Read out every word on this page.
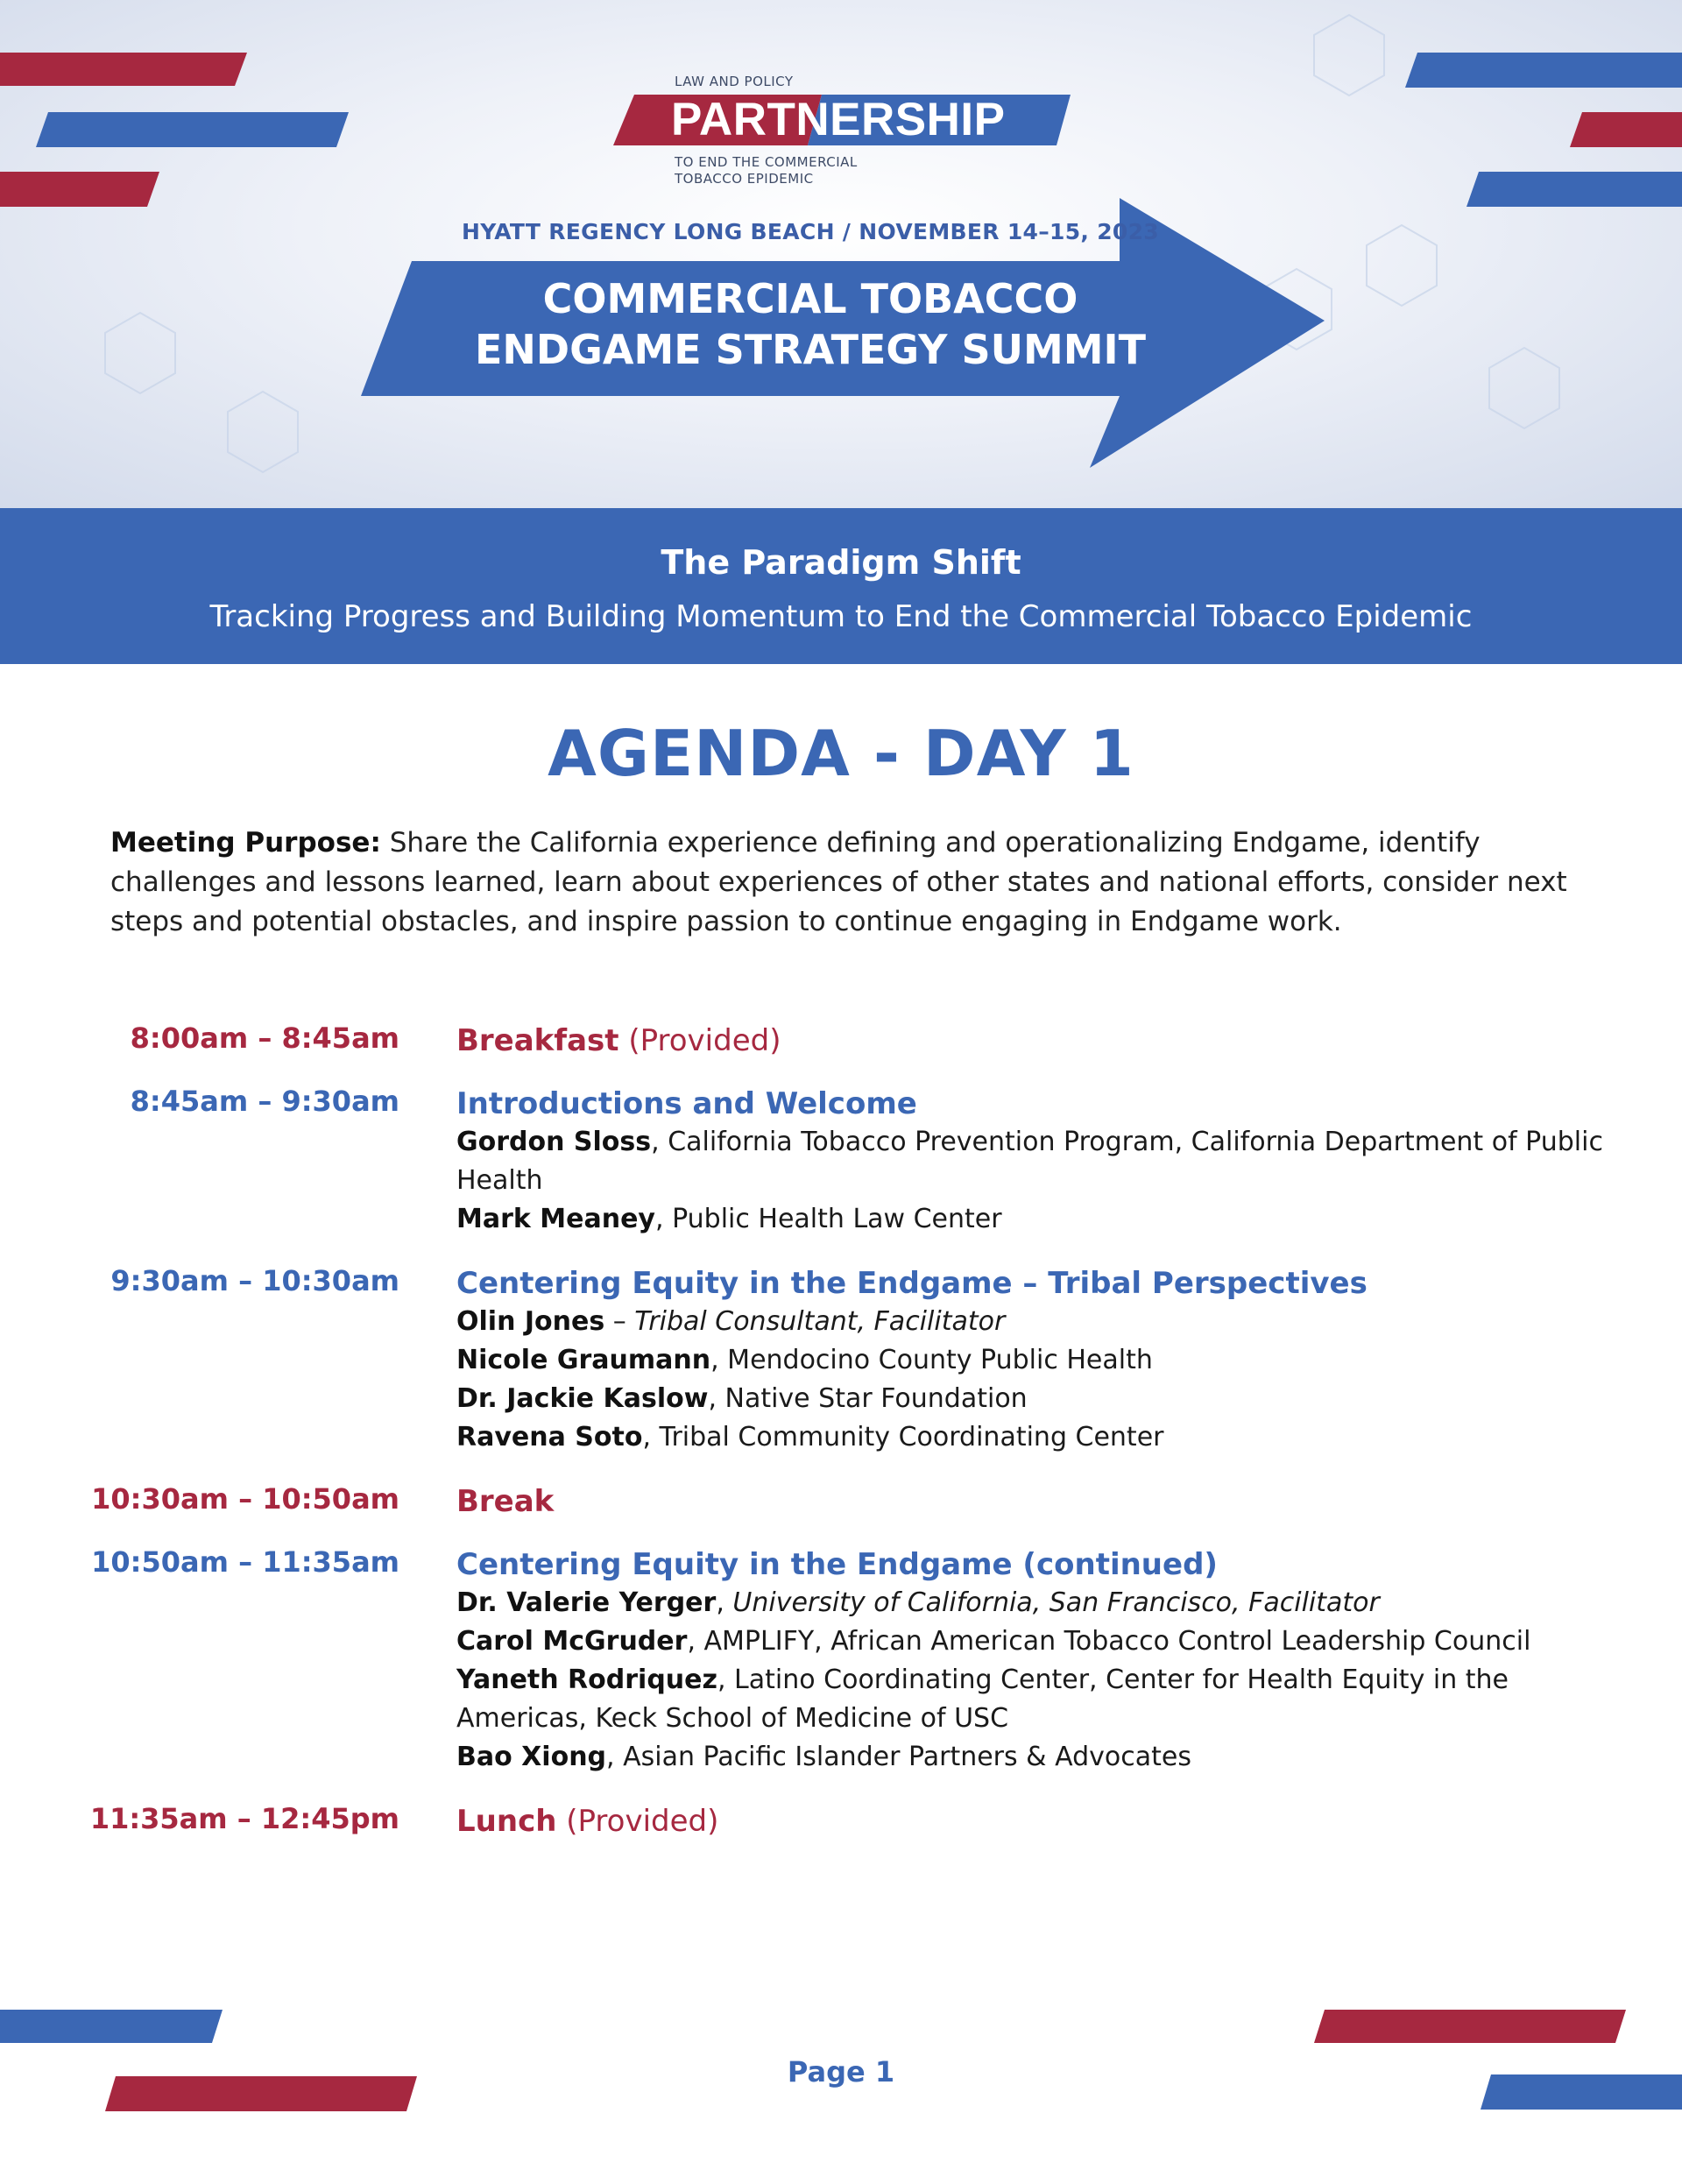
LAW AND POLICY
PARTNERSHIP
TO END THE COMMERCIAL
TOBACCO EPIDEMIC
HYATT REGENCY LONG BEACH / NOVEMBER 14–15, 2023
COMMERCIAL TOBACCO
ENDGAME STRATEGY SUMMIT
The Paradigm Shift
Tracking Progress and Building Momentum to End the Commercial Tobacco Epidemic
AGENDA - DAY 1
Meeting Purpose: Share the California experience defining and operationalizing Endgame, identify challenges and lessons learned, learn about experiences of other states and national efforts, consider next steps and potential obstacles, and inspire passion to continue engaging in Endgame work.
8:00am – 8:45am Breakfast (Provided)
8:45am – 9:30am Introductions and Welcome
Gordon Sloss, California Tobacco Prevention Program, California Department of Public Health
Mark Meaney, Public Health Law Center
9:30am – 10:30am Centering Equity in the Endgame – Tribal Perspectives
Olin Jones – Tribal Consultant, Facilitator
Nicole Graumann, Mendocino County Public Health
Dr. Jackie Kaslow, Native Star Foundation
Ravena Soto, Tribal Community Coordinating Center
10:30am – 10:50am Break
10:50am – 11:35am Centering Equity in the Endgame (continued)
Dr. Valerie Yerger, University of California, San Francisco, Facilitator
Carol McGruder, AMPLIFY, African American Tobacco Control Leadership Council
Yaneth Rodriquez, Latino Coordinating Center, Center for Health Equity in the Americas, Keck School of Medicine of USC
Bao Xiong, Asian Pacific Islander Partners & Advocates
11:35am – 12:45pm Lunch (Provided)
Page 1
